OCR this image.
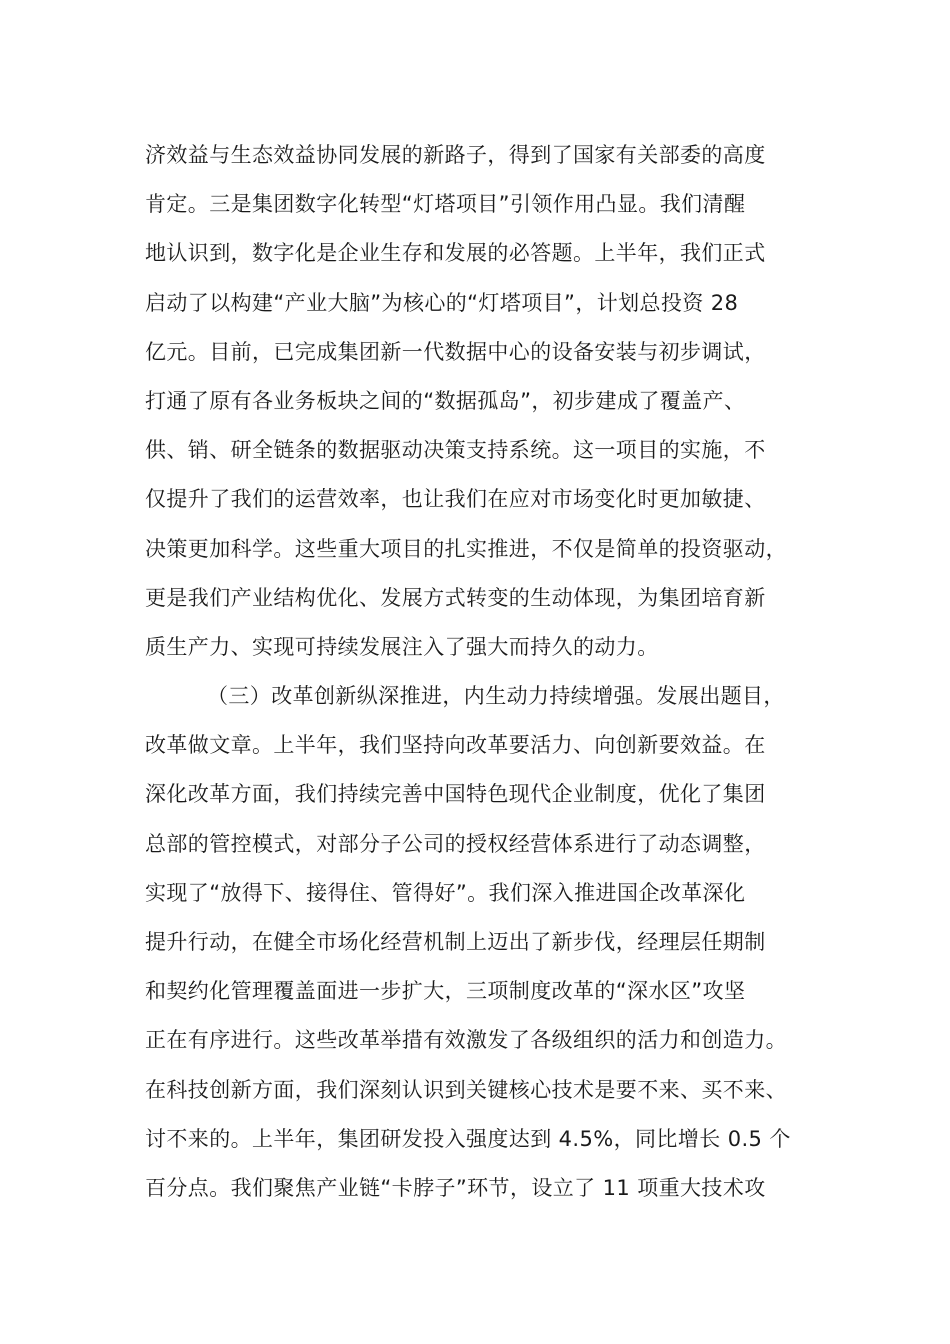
济效益与生态效益协同发展的新路子，得到了国家有关部委的高度
肯定。三是集团数字化转型“灯塔项目”引领作用凸显。我们清醒
地认识到，数字化是企业生存和发展的必答题。上半年，我们正式
启动了以构建“产业大脑”为核心的“灯塔项目”，计划总投资 28
亿元。目前，已完成集团新一代数据中心的设备安装与初步调试，
打通了原有各业务板块之间的“数据孤岛”，初步建成了覆盖产、
供、销、研全链条的数据驱动决策支持系统。这一项目的实施，不
仅提升了我们的运营效率，也让我们在应对市场变化时更加敏捷、
决策更加科学。这些重大项目的扎实推进，不仅是简单的投资驱动，
更是我们产业结构优化、发展方式转变的生动体现，为集团培育新
质生产力、实现可持续发展注入了强大而持久的动力。
（三）改革创新纵深推进，内生动力持续增强。发展出题目，
改革做文章。上半年，我们坚持向改革要活力、向创新要效益。在
深化改革方面，我们持续完善中国特色现代企业制度，优化了集团
总部的管控模式，对部分子公司的授权经营体系进行了动态调整，
实现了“放得下、接得住、管得好”。我们深入推进国企改革深化
提升行动，在健全市场化经营机制上迈出了新步伐，经理层任期制
和契约化管理覆盖面进一步扩大，三项制度改革的“深水区”攻坚
正在有序进行。这些改革举措有效激发了各级组织的活力和创造力。
在科技创新方面，我们深刻认识到关键核心技术是要不来、买不来、
讨不来的。上半年，集团研发投入强度达到 4.5%，同比增长 0.5 个
百分点。我们聚焦产业链“卡脖子”环节，设立了 11 项重大技术攻
